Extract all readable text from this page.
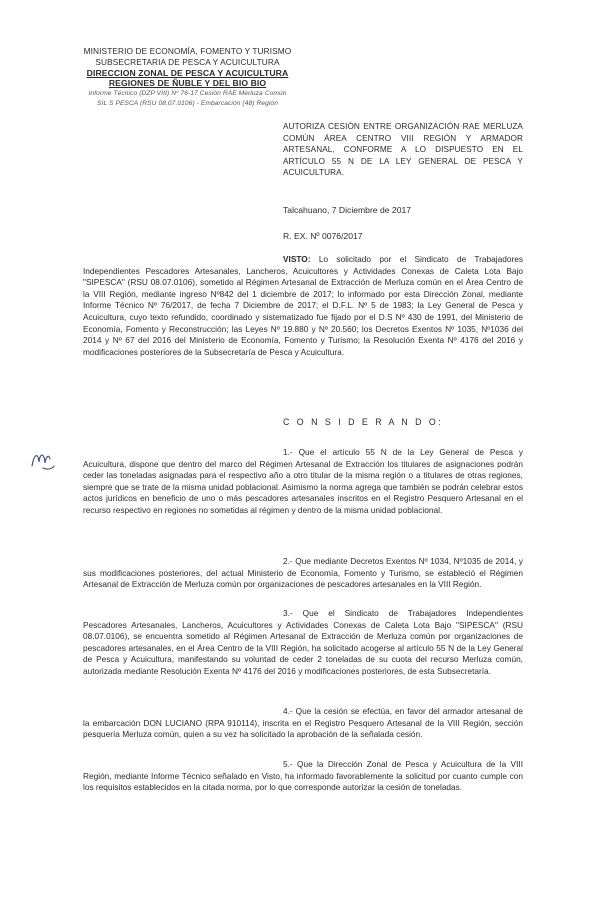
MINISTERIO DE ECONOMÍA, FOMENTO Y TURISMO
SUBSECRETARIA DE PESCA Y ACUICULTURA
DIRECCION ZONAL DE PESCA Y ACUICULTURA
REGIONES DE ÑUBLE Y DEL BIO BIO
Informe Técnico (DZP VIII) Nº 76-17 Cesión RAE Merluza Común
SIL S PESCA (RSU 08.07.0106) - Embarcación (48) Región
AUTORIZA CESIÓN ENTRE ORGANIZACIÓN RAE MERLUZA COMÚN ÁREA CENTRO VIII REGIÓN Y ARMADOR ARTESANAL, CONFORME A LO DISPUESTO EN EL ARTÍCULO 55 N DE LA LEY GENERAL DE PESCA Y ACUICULTURA.
Talcahuano, 7 Diciembre de 2017
R. EX. Nº 0076/2017
VISTO: Lo solicitado por el Sindicato de Trabajadores Independientes Pescadores Artesanales, Lancheros, Acuicultores y Actividades Conexas de Caleta Lota Bajo "SIPESCA" (RSU 08.07.0106), sometido al Régimen Artesanal de Extracción de Merluza común en el Área Centro de la VIII Región, mediante ingreso Nº842 del 1 diciembre de 2017; lo informado por esta Dirección Zonal, mediante Informe Técnico Nº 76/2017, de fecha 7 Diciembre de 2017; el D.F.L. Nº 5 de 1983; la Ley General de Pesca y Acuicultura, cuyo texto refundido, coordinado y sistematizado fue fijado por el D.S Nº 430 de 1991, del Ministerio de Economía, Fomento y Reconstrucción; las Leyes Nº 19.880 y Nº 20.560; los Decretos Exentos Nº 1035, Nº1036 del 2014 y Nº 67 del 2016 del Ministerio de Economía, Fomento y Turismo; la Resolución Exenta Nº 4176 del 2016 y modificaciones posteriores de la Subsecretaría de Pesca y Acuicultura.
C O N S I D E R A N D O:
1.- Que el artículo 55 N de la Ley General de Pesca y Acuicultura, dispone que dentro del marco del Régimen Artesanal de Extracción los titulares de asignaciones podrán ceder las toneladas asignadas para el respectivo año a otro titular de la misma región o a titulares de otras regiones, siempre que se trate de la misma unidad poblacional. Asimismo la norma agrega que también se podrán celebrar estos actos jurídicos en beneficio de uno o más pescadores artesanales inscritos en el Registro Pesquero Artesanal en el recurso respectivo en regiones no sometidas al régimen y dentro de la misma unidad poblacional.
2.- Que mediante Decretos Exentos Nº 1034, Nº1035 de 2014, y sus modificaciones posteriores, del actual Ministerio de Economía, Fomento y Turismo, se estableció el Régimen Artesanal de Extracción de Merluza común por organizaciones de pescadores artesanales en la VIII Región.
3.- Que el Sindicato de Trabajadores Independientes Pescadores Artesanales, Lancheros, Acuicultores y Actividades Conexas de Caleta Lota Bajo "SIPESCA" (RSU 08.07.0106), se encuentra sometido al Régimen Artesanal de Extracción de Merluza común por organizaciones de pescadores artesanales, en el Área Centro de la VIII Región, ha solicitado acogerse al artículo 55 N de la Ley General de Pesca y Acuicultura, manifestando su voluntad de ceder 2 toneladas de su cuota del recurso Merluza común, autorizada mediante Resolución Exenta Nº 4176 del 2016 y modificaciones posteriores, de esta Subsecretaría.
4.- Que la cesión se efectúa, en favor del armador artesanal de la embarcación DON LUCIANO (RPA 910114), inscrita en el Registro Pesquero Artesanal de la VIII Región, sección pesquería Merluza común, quien a su vez ha solicitado la aprobación de la señalada cesión.
5.- Que la Dirección Zonal de Pesca y Acuicultura de la VIII Región, mediante Informe Técnico señalado en Visto, ha informado favorablemente la solicitud por cuanto cumple con los requisitos establecidos en la citada norma, por lo que corresponde autorizar la cesión de toneladas.
